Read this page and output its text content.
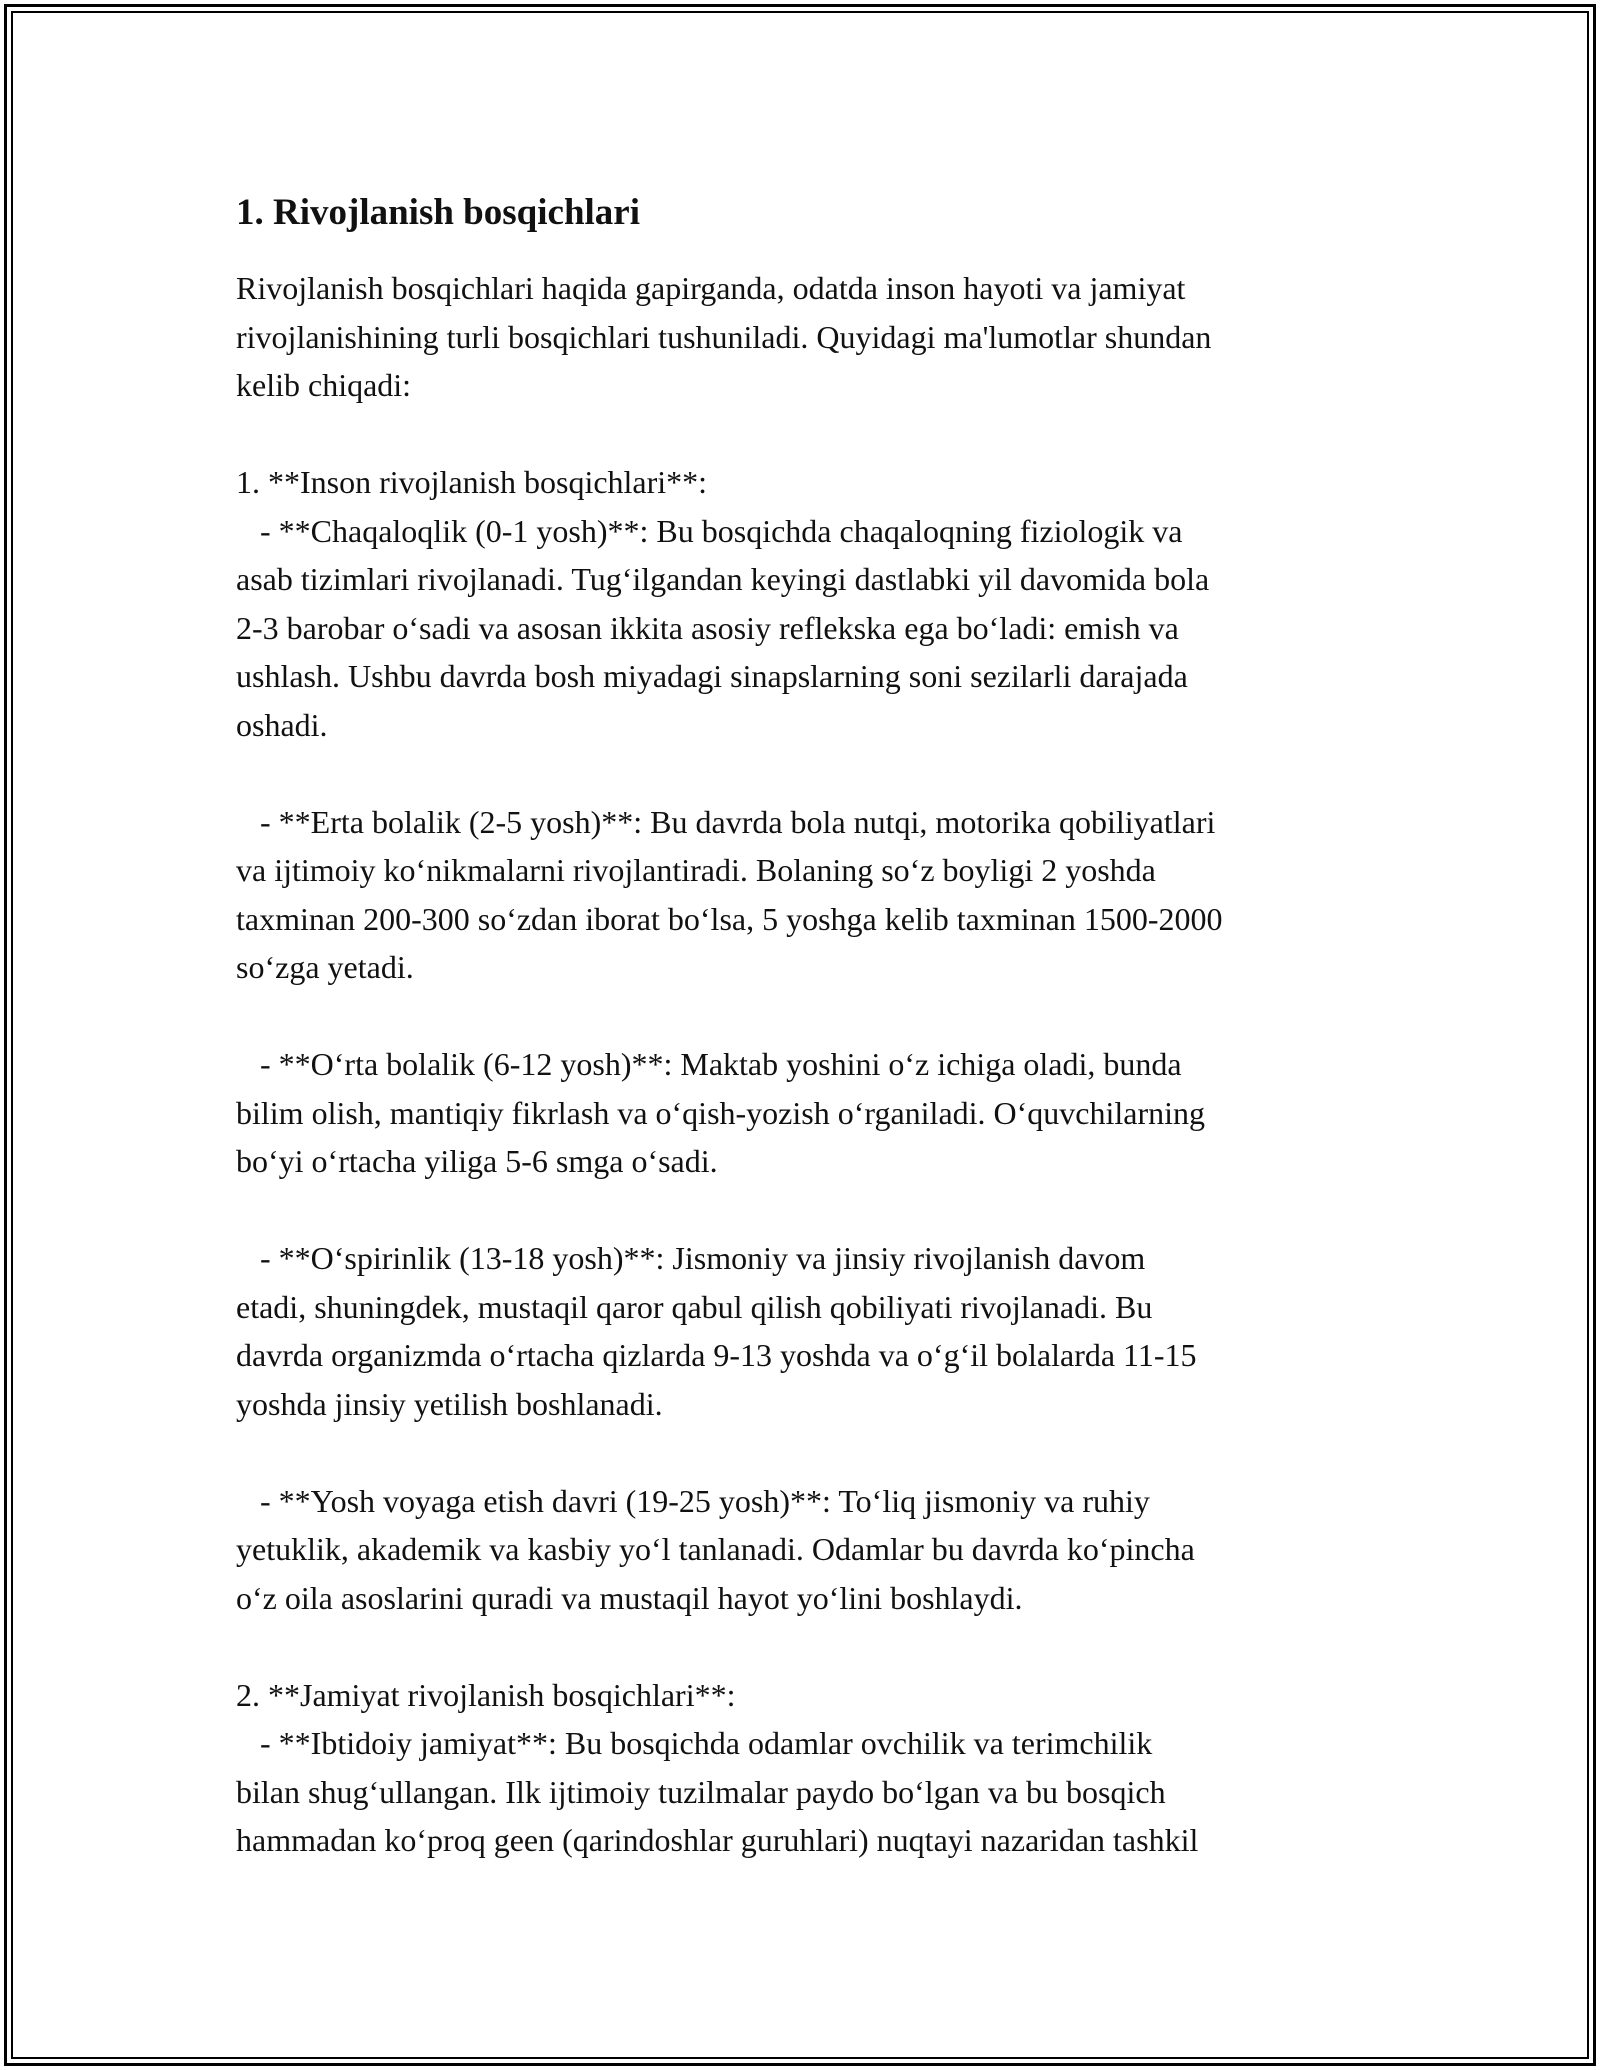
1. Rivojlanish bosqichlari

Rivojlanish bosqichlari haqida gapirganda, odatda inson hayoti va jamiyat
rivojlanishining turli bosqichlari tushuniladi. Quyidagi ma'lumotlar shundan
kelib chiqadi:

1. **Inson rivojlanish bosqichlari**:
- **Chaqaloqlik (0-1 yosh)**: Bu bosqichda chaqaloqning fiziologik va
asab tizimlari rivojlanadi. Tugʻilgandan keyingi dastlabki yil davomida bola
2-3 barobar oʻsadi va asosan ikkita asosiy reflekska ega boʻladi: emish va
ushlash. Ushbu davrda bosh miyadagi sinapslarning soni sezilarli darajada
oshadi.

- **Erta bolalik (2-5 yosh)**: Bu davrda bola nutqi, motorika qobiliyatlari
va ijtimoiy koʻnikmalarni rivojlantiradi. Bolaning soʻz boyligi 2 yoshda
taxminan 200-300 soʻzdan iborat boʻlsa, 5 yoshga kelib taxminan 1500-2000
soʻzga yetadi.

- **Oʻrta bolalik (6-12 yosh)**: Maktab yoshini oʻz ichiga oladi, bunda
bilim olish, mantiqiy fikrlash va oʻqish-yozish oʻrganiladi. Oʻquvchilarning
boʻyi oʻrtacha yiliga 5-6 smga oʻsadi.

- **Oʻspirinlik (13-18 yosh)**: Jismoniy va jinsiy rivojlanish davom
etadi, shuningdek, mustaqil qaror qabul qilish qobiliyati rivojlanadi. Bu
davrda organizmda oʻrtacha qizlarda 9-13 yoshda va oʻgʻil bolalarda 11-15
yoshda jinsiy yetilish boshlanadi.

- **Yosh voyaga etish davri (19-25 yosh)**: Toʻliq jismoniy va ruhiy
yetuklik, akademik va kasbiy yoʻl tanlanadi. Odamlar bu davrda koʻpincha
oʻz oila asoslarini quradi va mustaqil hayot yoʻlini boshlaydi.

2. **Jamiyat rivojlanish bosqichlari**:
- **Ibtidoiy jamiyat**: Bu bosqichda odamlar ovchilik va terimchilik
bilan shugʻullangan. Ilk ijtimoiy tuzilmalar paydo boʻlgan va bu bosqich
hammadan koʻproq geen (qarindoshlar guruhlari) nuqtayi nazaridan tashkil
